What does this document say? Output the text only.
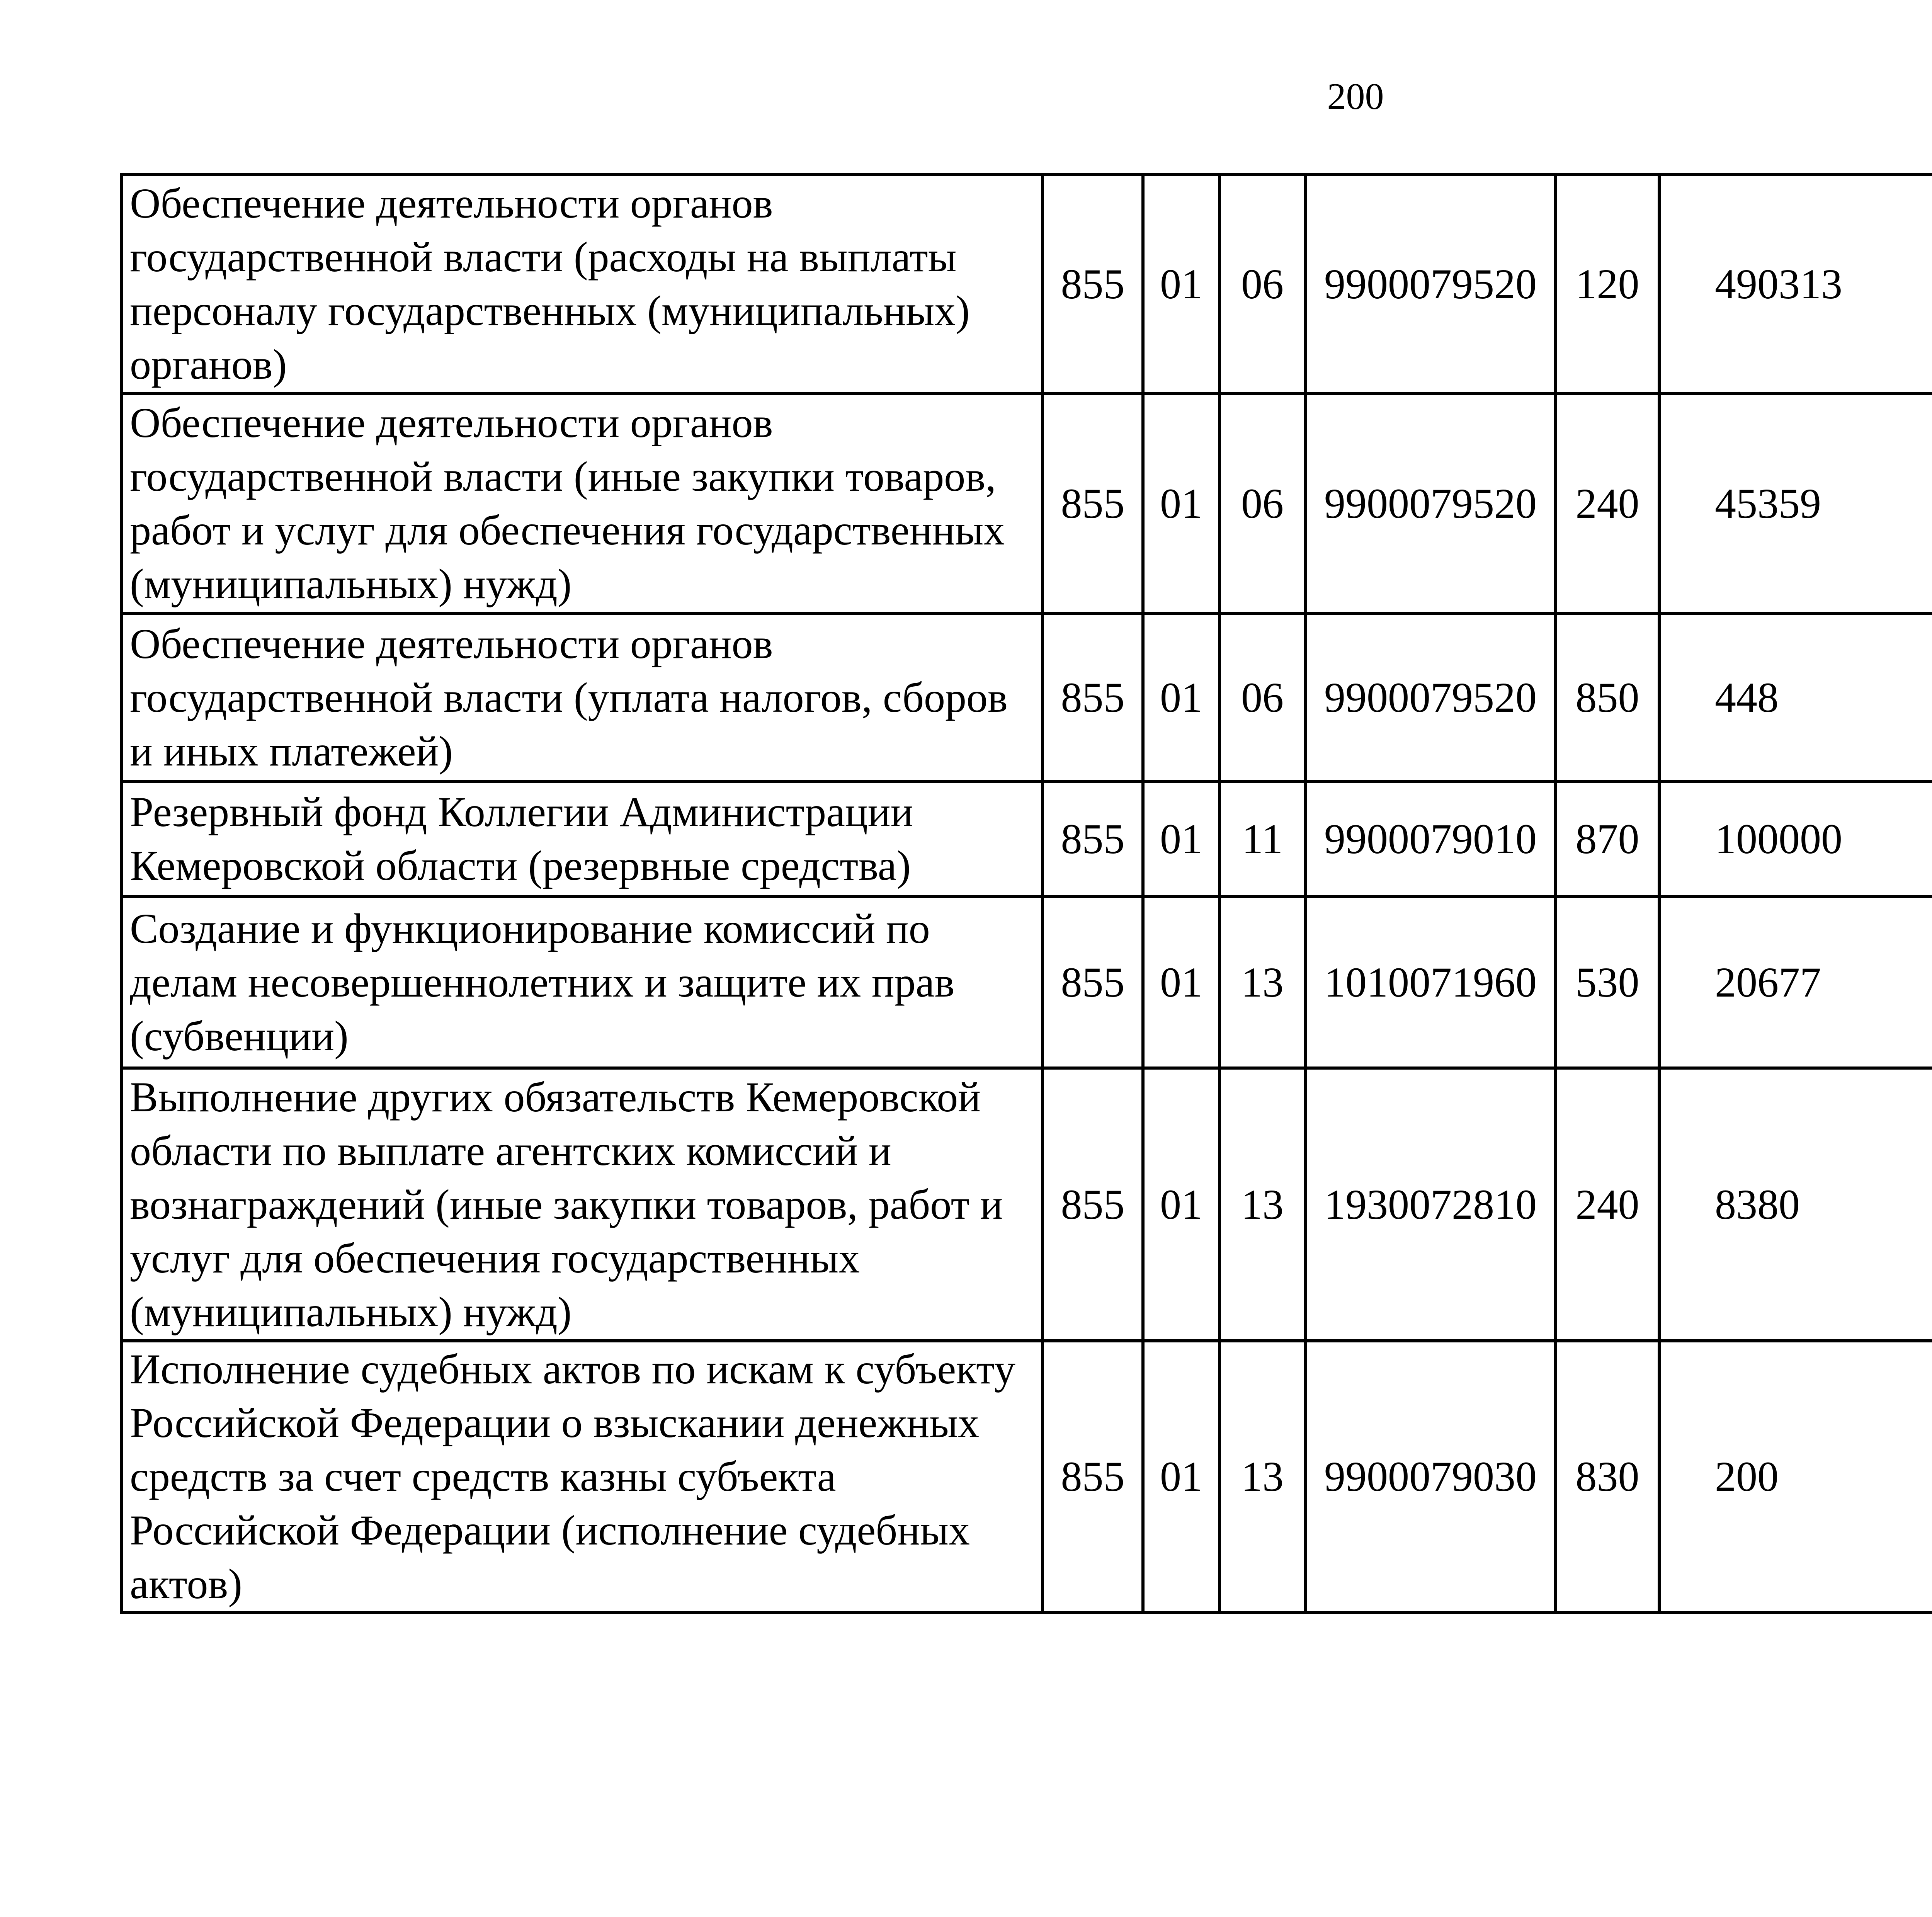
200
Обеспечение деятельности органов государственной власти (расходы на выплаты персоналу государственных (муниципальных) органов)	855	01	06	9900079520	120	490313		
Обеспечение деятельности органов государственной власти (иные закупки товаров, работ и услуг для обеспечения государственных (муниципальных) нужд)	855	01	06	9900079520	240	45359		
Обеспечение деятельности органов государственной власти (уплата налогов, сборов и иных платежей)	855	01	06	9900079520	850	448		
Резервный фонд Коллегии Администрации Кемеровской области (резервные средства)	855	01	11	9900079010	870	100000		
Создание и функционирование комиссий по делам несовершеннолетних и защите их прав (субвенции)	855	01	13	1010071960	530	20677		
Выполнение других обязательств Кемеровской области по выплате агентских комиссий и вознаграждений (иные закупки товаров, работ и услуг для обеспечения государственных (муниципальных) нужд)	855	01	13	1930072810	240	8380		
Исполнение судебных актов по искам к субъекту Российской Федерации о взыскании денежных средств за счет средств казны субъекта Российской Федерации (исполнение судебных актов)	855	01	13	9900079030	830	200		
